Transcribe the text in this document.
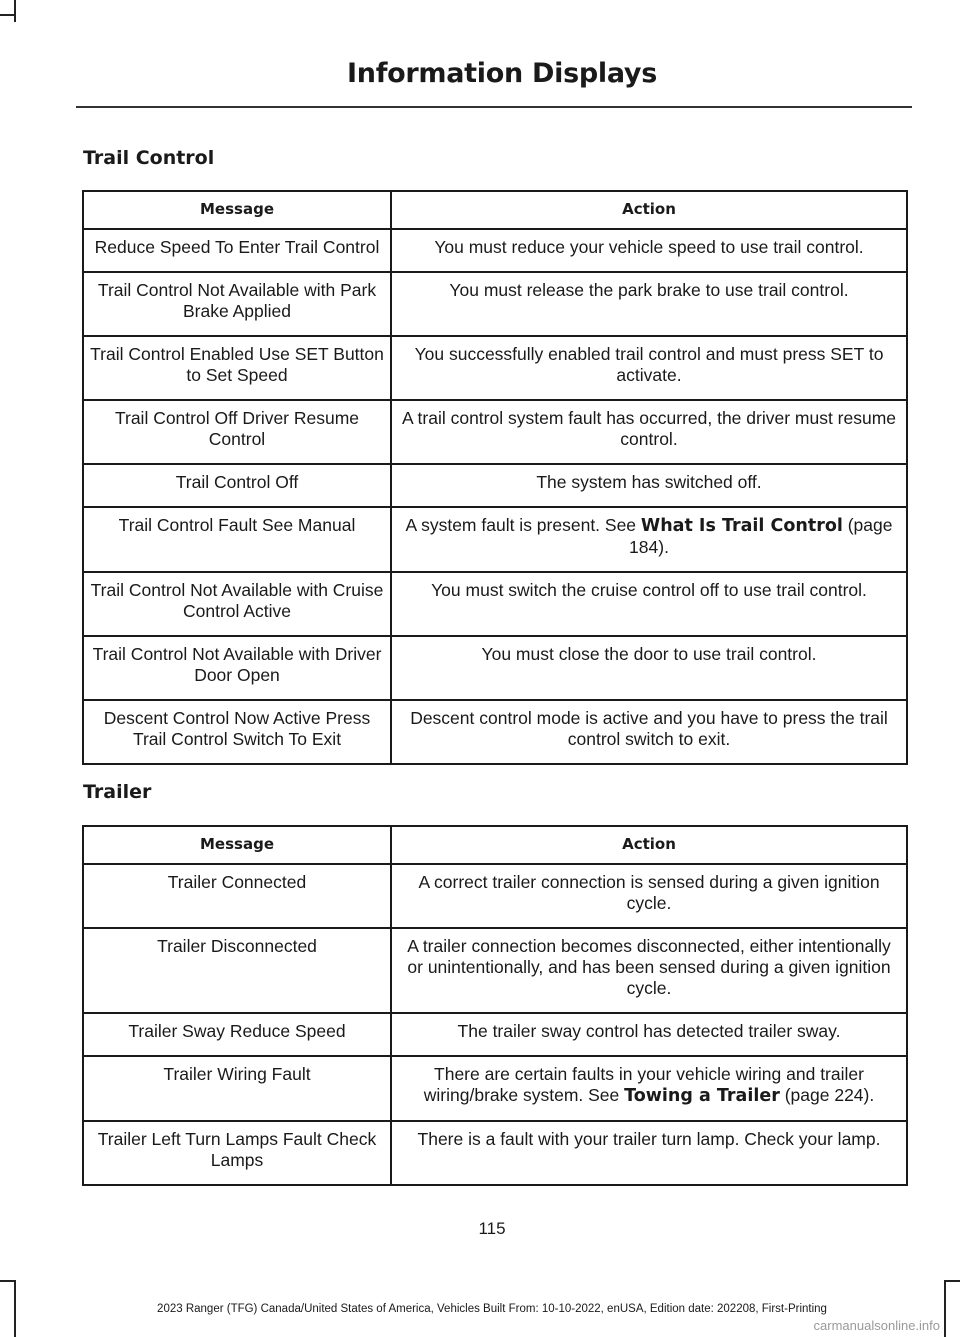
Information Displays
Trail Control
Message	Action
Reduce Speed To Enter Trail Control	You must reduce your vehicle speed to use trail control.
Trail Control Not Available with Park Brake Applied	You must release the park brake to use trail control.
Trail Control Enabled Use SET Button to Set Speed	You successfully enabled trail control and must press SET to activate.
Trail Control Off Driver Resume Control	A trail control system fault has occurred, the driver must resume control.
Trail Control Off	The system has switched off.
Trail Control Fault See Manual	A system fault is present. See What Is Trail Control (page 184).
Trail Control Not Available with Cruise Control Active	You must switch the cruise control off to use trail control.
Trail Control Not Available with Driver Door Open	You must close the door to use trail control.
Descent Control Now Active Press Trail Control Switch To Exit	Descent control mode is active and you have to press the trail control switch to exit.
Trailer
Message	Action
Trailer Connected	A correct trailer connection is sensed during a given ignition cycle.
Trailer Disconnected	A trailer connection becomes disconnected, either intentionally or unintentionally, and has been sensed during a given ignition cycle.
Trailer Sway Reduce Speed	The trailer sway control has detected trailer sway.
Trailer Wiring Fault	There are certain faults in your vehicle wiring and trailer wiring/brake system. See Towing a Trailer (page 224).
Trailer Left Turn Lamps Fault Check Lamps	There is a fault with your trailer turn lamp. Check your lamp.
115
2023 Ranger (TFG) Canada/United States of America, Vehicles Built From: 10-10-2022, enUSA, Edition date: 202208, First-Printing
carmanualsonline.info
